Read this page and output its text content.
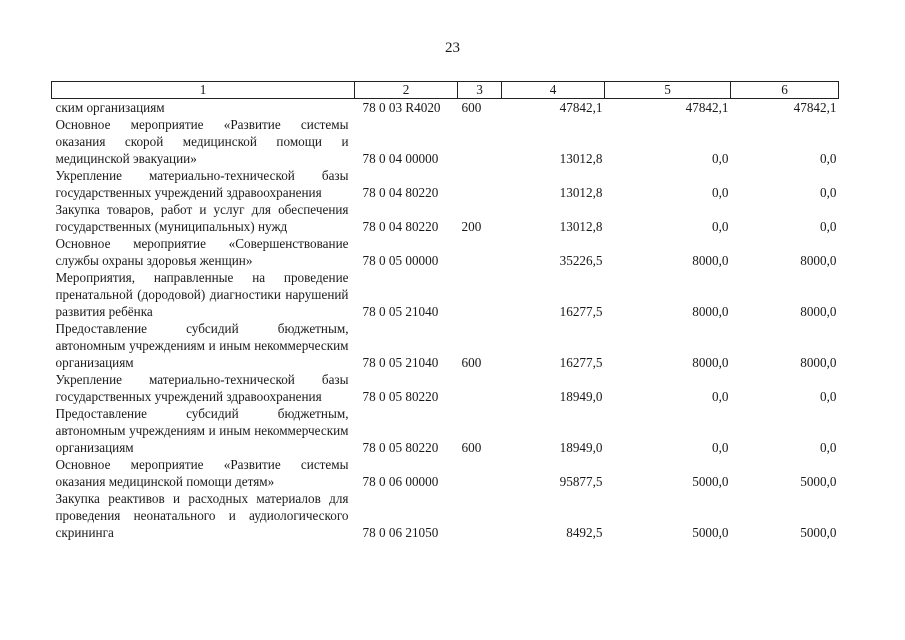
23
1	2	3	4	5	6
ским организациям	78 0 03 R4020	600	47842,1	47842,1	47842,1
Основное мероприятие «Развитие системы оказания скорой медицинской помощи и медицинской эвакуации»	78 0 04 00000		13012,8	0,0	0,0
Укрепление материально-технической базы государственных учреждений здравоохранения	78 0 04 80220		13012,8	0,0	0,0
Закупка товаров, работ и услуг для обеспечения государственных (муниципальных) нужд	78 0 04 80220	200	13012,8	0,0	0,0
Основное мероприятие «Совершенствование службы охраны здоровья женщин»	78 0 05 00000		35226,5	8000,0	8000,0
Мероприятия, направленные на проведение пренатальной (дородовой) диагностики нарушений развития ребёнка	78 0 05 21040		16277,5	8000,0	8000,0
Предоставление субсидий бюджетным, автономным учреждениям и иным некоммерческим организациям	78 0 05 21040	600	16277,5	8000,0	8000,0
Укрепление материально-технической базы государственных учреждений здравоохранения	78 0 05 80220		18949,0	0,0	0,0
Предоставление субсидий бюджетным, автономным учреждениям и иным некоммерческим организациям	78 0 05 80220	600	18949,0	0,0	0,0
Основное мероприятие «Развитие системы оказания медицинской помощи детям»	78 0 06 00000		95877,5	5000,0	5000,0
Закупка реактивов и расходных материалов для проведения неонатального и аудиологического скрининга	78 0 06 21050		8492,5	5000,0	5000,0
